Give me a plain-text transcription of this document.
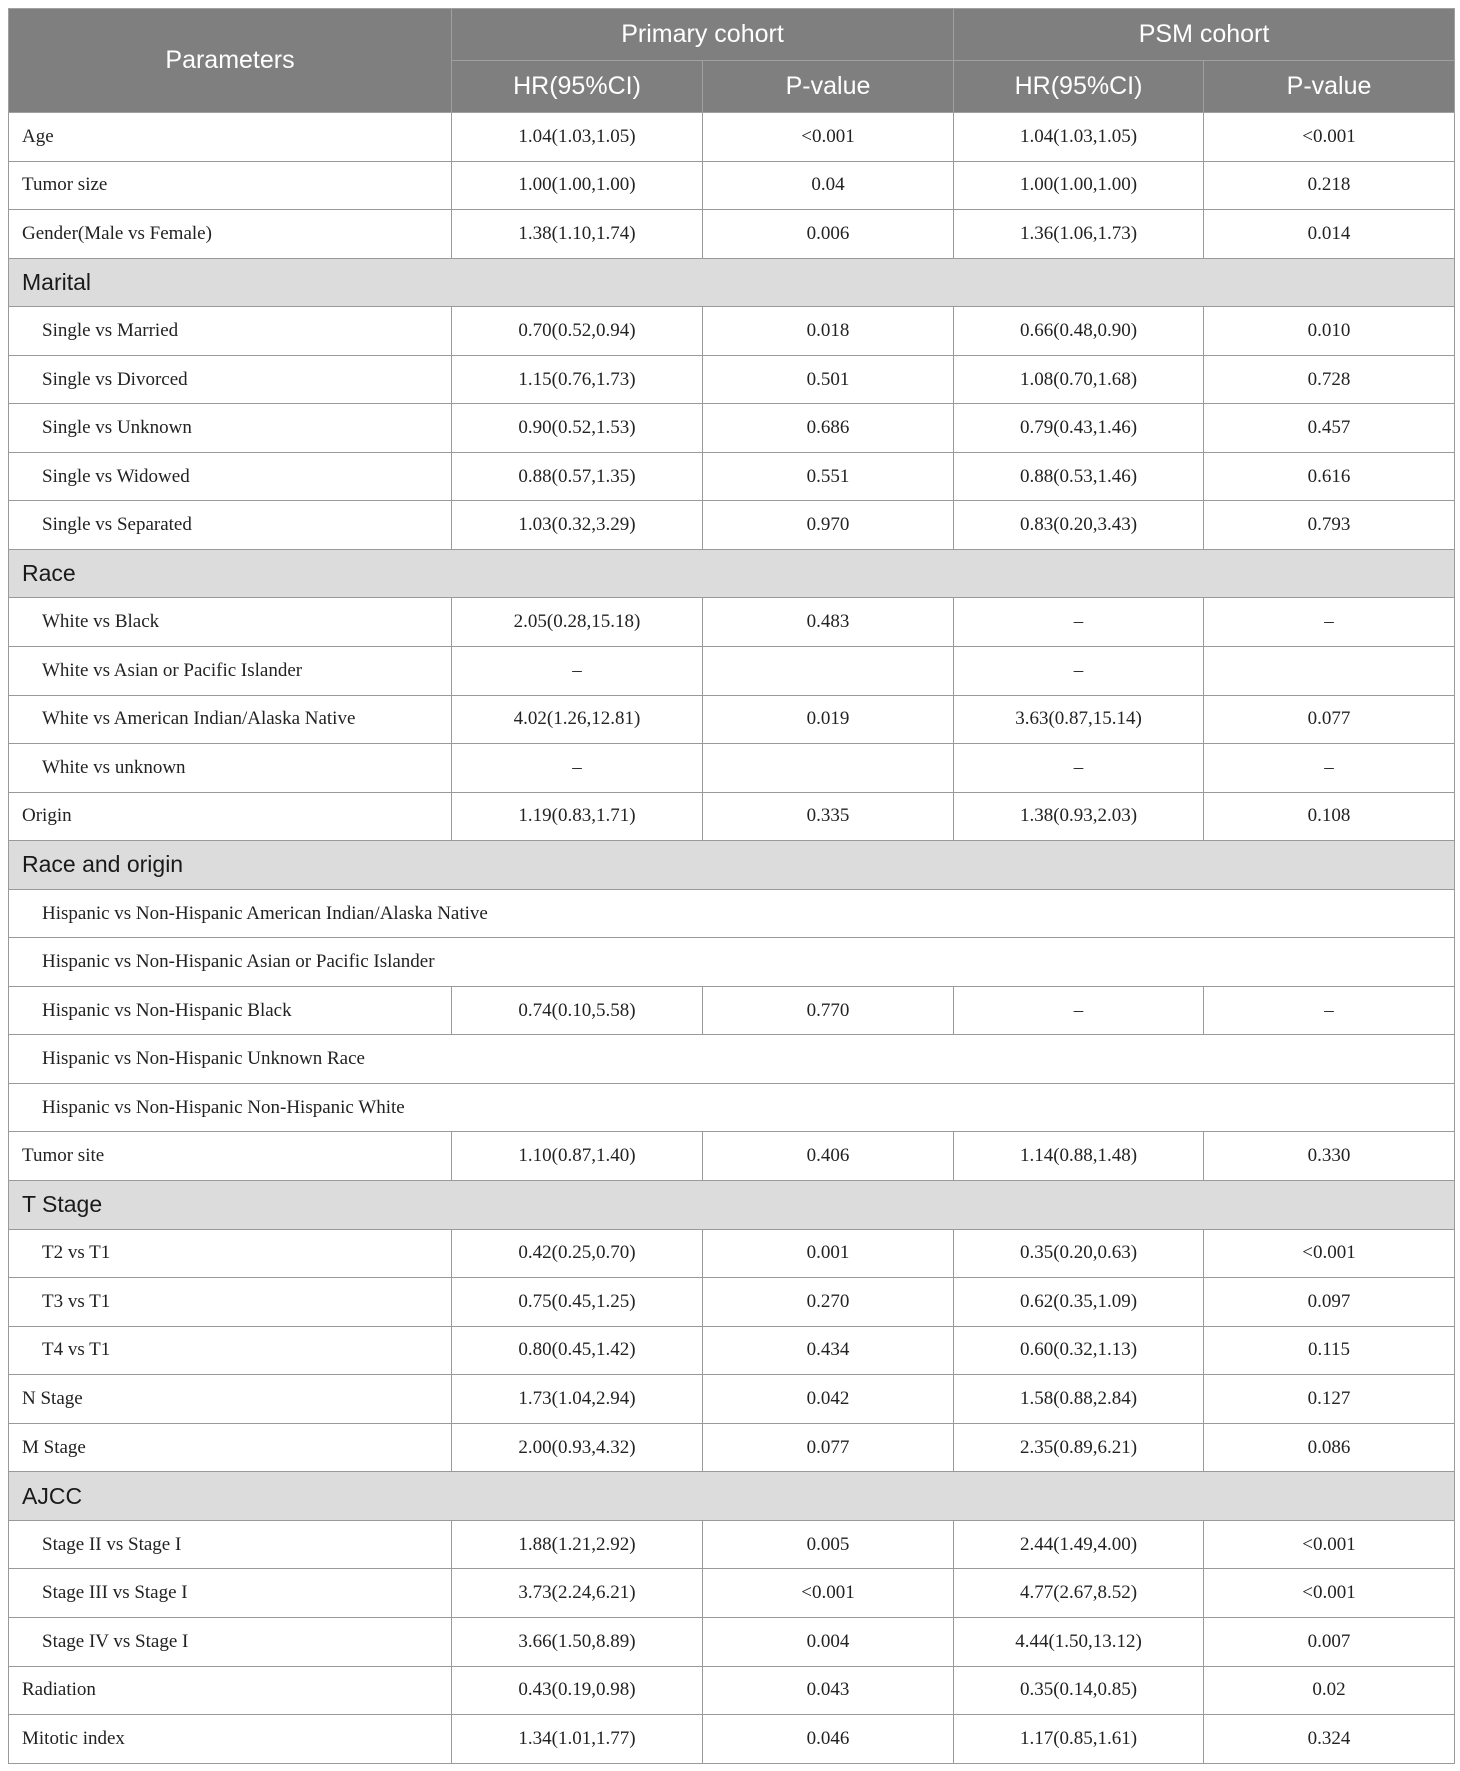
Parameters	Primary cohort		PSM cohort	
	HR(95%CI)	P-value	HR(95%CI)	P-value
Age	1.04(1.03,1.05)	<0.001	1.04(1.03,1.05)	<0.001
Tumor size	1.00(1.00,1.00)	0.04	1.00(1.00,1.00)	0.218
Gender(Male vs Female)	1.38(1.10,1.74)	0.006	1.36(1.06,1.73)	0.014
Marital				
Single vs Married	0.70(0.52,0.94)	0.018	0.66(0.48,0.90)	0.010
Single vs Divorced	1.15(0.76,1.73)	0.501	1.08(0.70,1.68)	0.728
Single vs Unknown	0.90(0.52,1.53)	0.686	0.79(0.43,1.46)	0.457
Single vs Widowed	0.88(0.57,1.35)	0.551	0.88(0.53,1.46)	0.616
Single vs Separated	1.03(0.32,3.29)	0.970	0.83(0.20,3.43)	0.793
Race				
White vs Black	2.05(0.28,15.18)	0.483	–	–
White vs Asian or Pacific Islander	–		–	
White vs American Indian/Alaska Native	4.02(1.26,12.81)	0.019	3.63(0.87,15.14)	0.077
White vs unknown	–		–	–
Origin	1.19(0.83,1.71)	0.335	1.38(0.93,2.03)	0.108
Race and origin				
Hispanic vs Non-Hispanic American Indian/Alaska Native				
Hispanic vs Non-Hispanic Asian or Pacific Islander				
Hispanic vs Non-Hispanic Black	0.74(0.10,5.58)	0.770	–	–
Hispanic vs Non-Hispanic Unknown Race				
Hispanic vs Non-Hispanic Non-Hispanic White				
Tumor site	1.10(0.87,1.40)	0.406	1.14(0.88,1.48)	0.330
T Stage				
T2 vs T1	0.42(0.25,0.70)	0.001	0.35(0.20,0.63)	<0.001
T3 vs T1	0.75(0.45,1.25)	0.270	0.62(0.35,1.09)	0.097
T4 vs T1	0.80(0.45,1.42)	0.434	0.60(0.32,1.13)	0.115
N Stage	1.73(1.04,2.94)	0.042	1.58(0.88,2.84)	0.127
M Stage	2.00(0.93,4.32)	0.077	2.35(0.89,6.21)	0.086
AJCC				
Stage II vs Stage I	1.88(1.21,2.92)	0.005	2.44(1.49,4.00)	<0.001
Stage III vs Stage I	3.73(2.24,6.21)	<0.001	4.77(2.67,8.52)	<0.001
Stage IV vs Stage I	3.66(1.50,8.89)	0.004	4.44(1.50,13.12)	0.007
Radiation	0.43(0.19,0.98)	0.043	0.35(0.14,0.85)	0.02
Mitotic index	1.34(1.01,1.77)	0.046	1.17(0.85,1.61)	0.324
